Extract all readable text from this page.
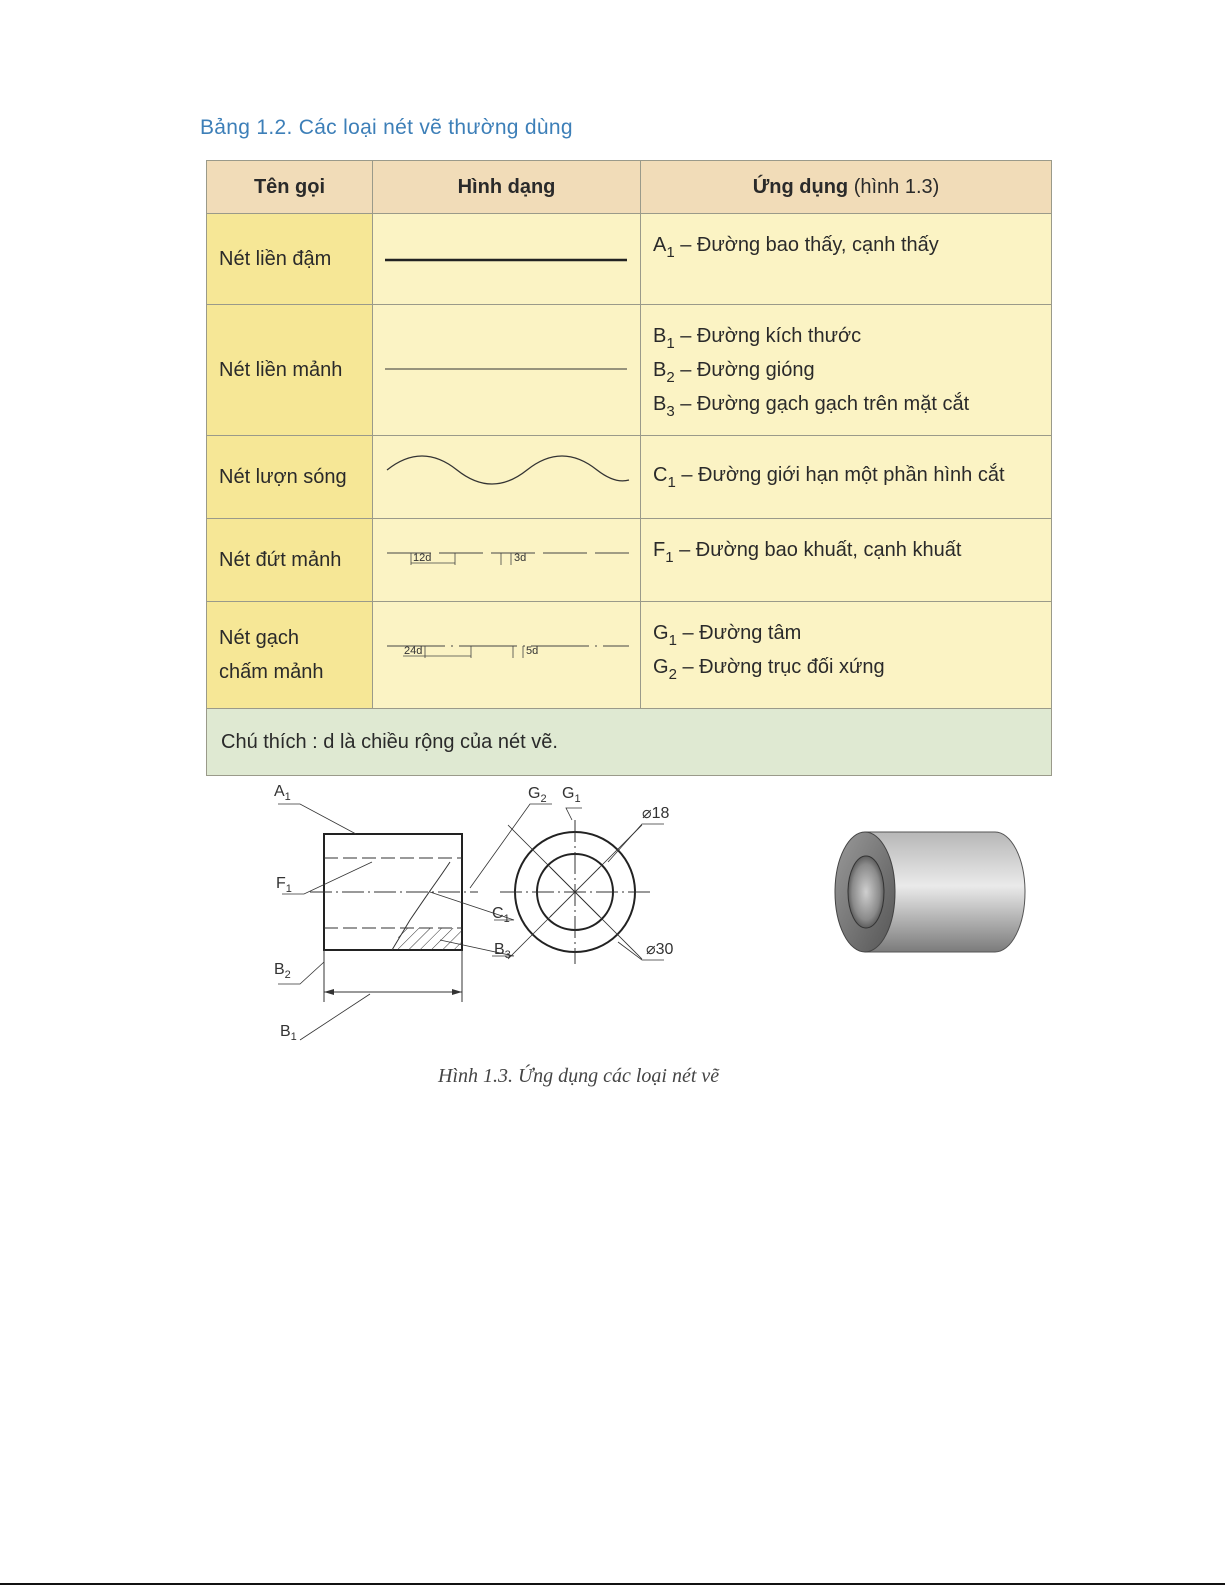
Bảng 1.2. Các loại nét vẽ thường dùng
Tên gọi	Hình dạng	Ứng dụng (hình 1.3)
Nét liền đậm		$A_1$ – Đường bao thấy, cạnh thấy

Nét liền mảnh		$B_1$ – Đường kích thước
$B_2$ – Đường gióng
$B_3$ – Đường gạch gạch trên mặt cắt

Nét lượn sóng		$C_1$ – Đường giới hạn một phần hình cắt

Nét đứt mảnh	12d 3d	$F_1$ – Đường bao khuất, cạnh khuất

Nét gạch
chấm mảnh	24d 5d	$G_1$ – Đường tâm
$G_2$ – Đường trục đối xứng

Chú thích : d là chiều rộng của nét vẽ.		
$A_1$
$F_1$
$B_2$
$B_1$
$G_2$ $G_1$
$C_1$
$B_3$
⌀18
⌀30
Hình 1.3. Ứng dụng các loại nét vẽ
